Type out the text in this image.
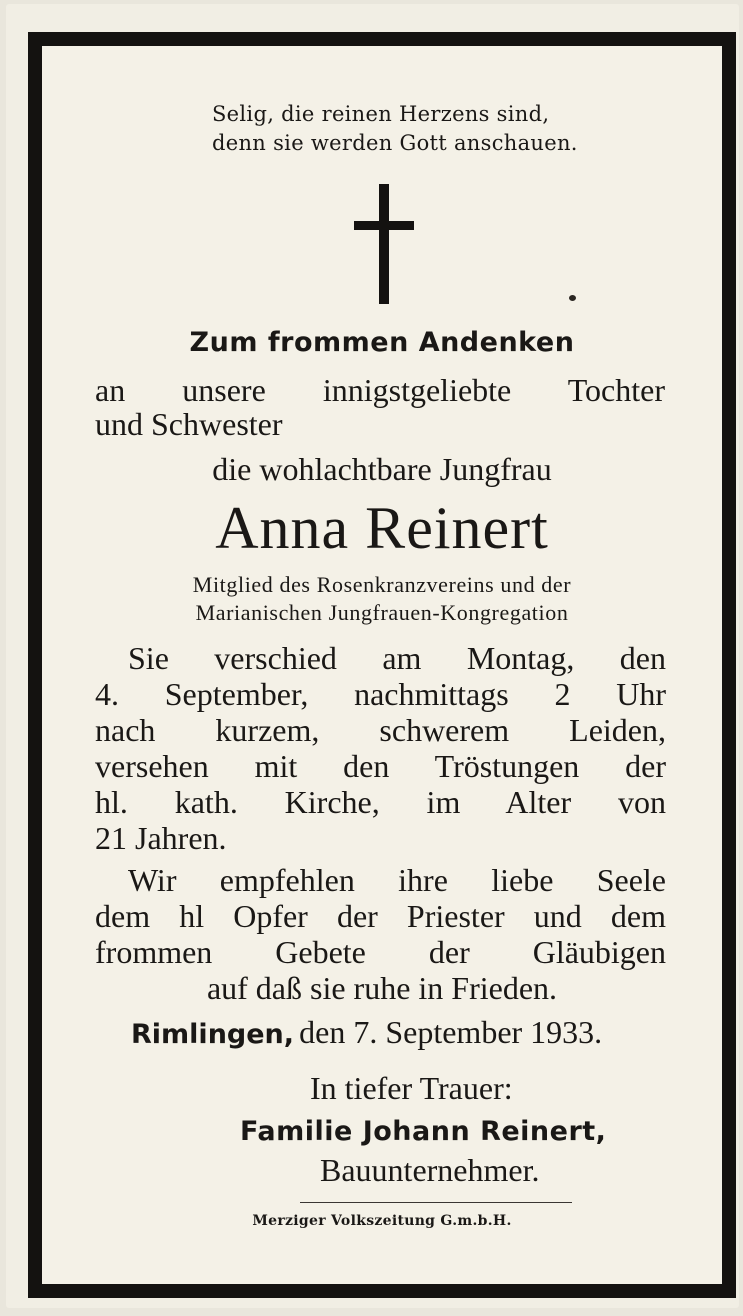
Selig, die reinen Herzens sind,
denn sie werden Gott anschauen.
Zum frommen Andenken
an unsere innigstgeliebte Tochter
und Schwester
die wohlachtbare Jungfrau
Anna Reinert
Mitglied des Rosenkranzvereins und der
Marianischen Jungfrauen-Kongregation
Sie verschied am Montag, den
4. September, nachmittags 2 Uhr
nach kurzem, schwerem Leiden,
versehen mit den Tröstungen der
hl. kath. Kirche, im Alter von
21 Jahren.
Wir empfehlen ihre liebe Seele
dem hl Opfer der Priester und dem
frommen Gebete der Gläubigen
auf daß sie ruhe in Frieden.
Rimlingen, den 7. September 1933.
In tiefer Trauer:
Familie Johann Reinert,
Bauunternehmer.
Merziger Volkszeitung G.m.b.H.
